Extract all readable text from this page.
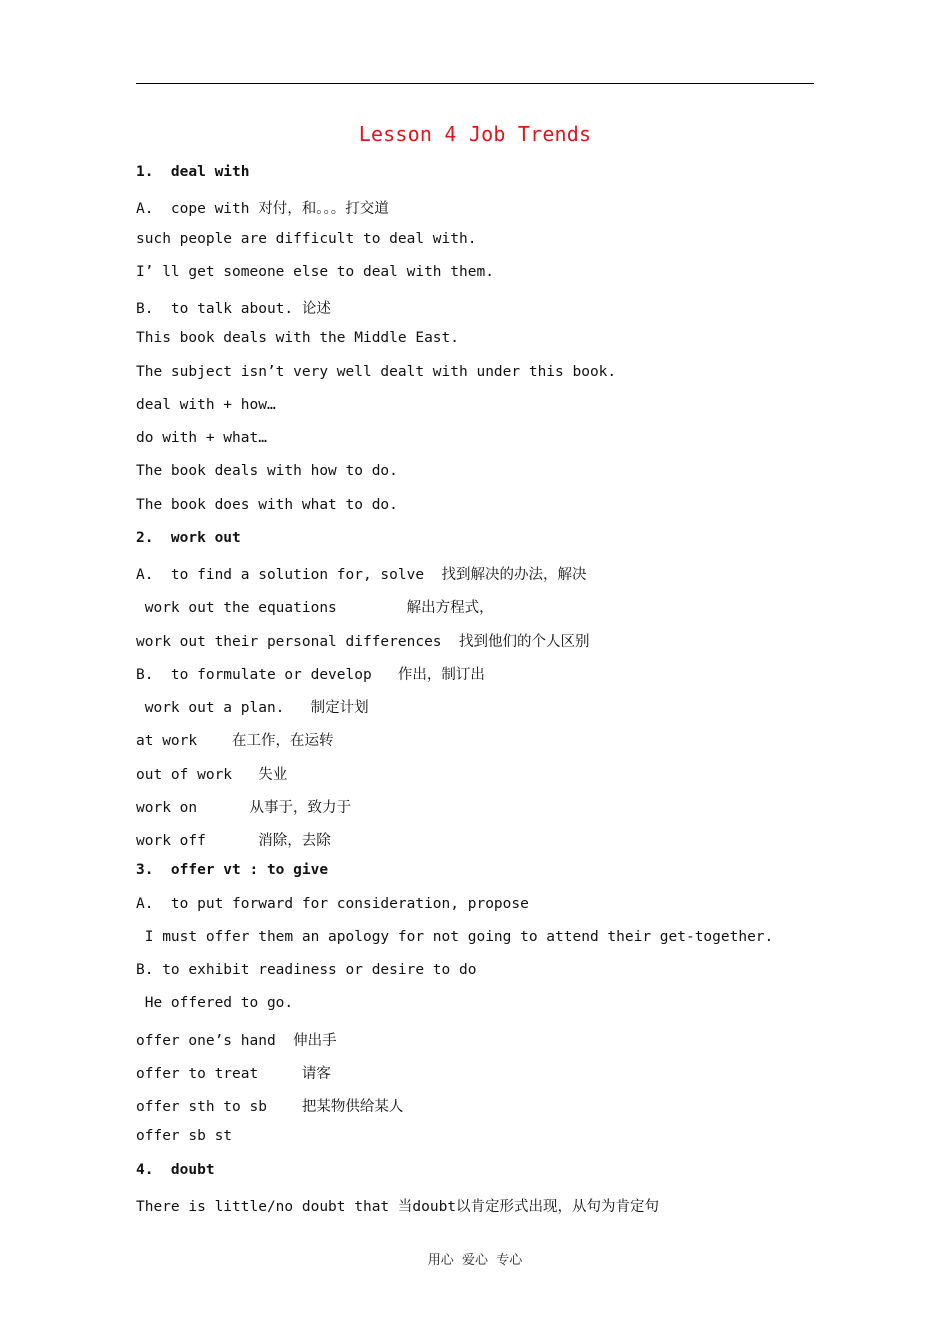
Lesson 4 Job Trends
1.  deal with
A.  cope with 对付，和。。。打交道
such people are difficult to deal with.
I’ ll get someone else to deal with them.
B.  to talk about. 论述
This book deals with the Middle East.
The subject isn’t very well dealt with under this book.
deal with + how…
do with + what…
The book deals with how to do.
The book does with what to do.
2.  work out
A.  to find a solution for, solve  找到解决的办法，解决
work out the equations        解出方程式，
work out their personal differences  找到他们的个人区别
B.  to formulate or develop   作出，制订出
work out a plan.   制定计划
at work    在工作，在运转
out of work   失业
work on      从事于，致力于
work off      消除，去除
3.  offer vt : to give
A.  to put forward for consideration, propose
I must offer them an apology for not going to attend their get-together.
B. to exhibit readiness or desire to do
He offered to go.
offer one’s hand  伸出手
offer to treat     请客
offer sth to sb    把某物供给某人
offer sb st
4.  doubt
There is little/no doubt that 当doubt以肯定形式出现，从句为肯定句
用心  爱心  专心
